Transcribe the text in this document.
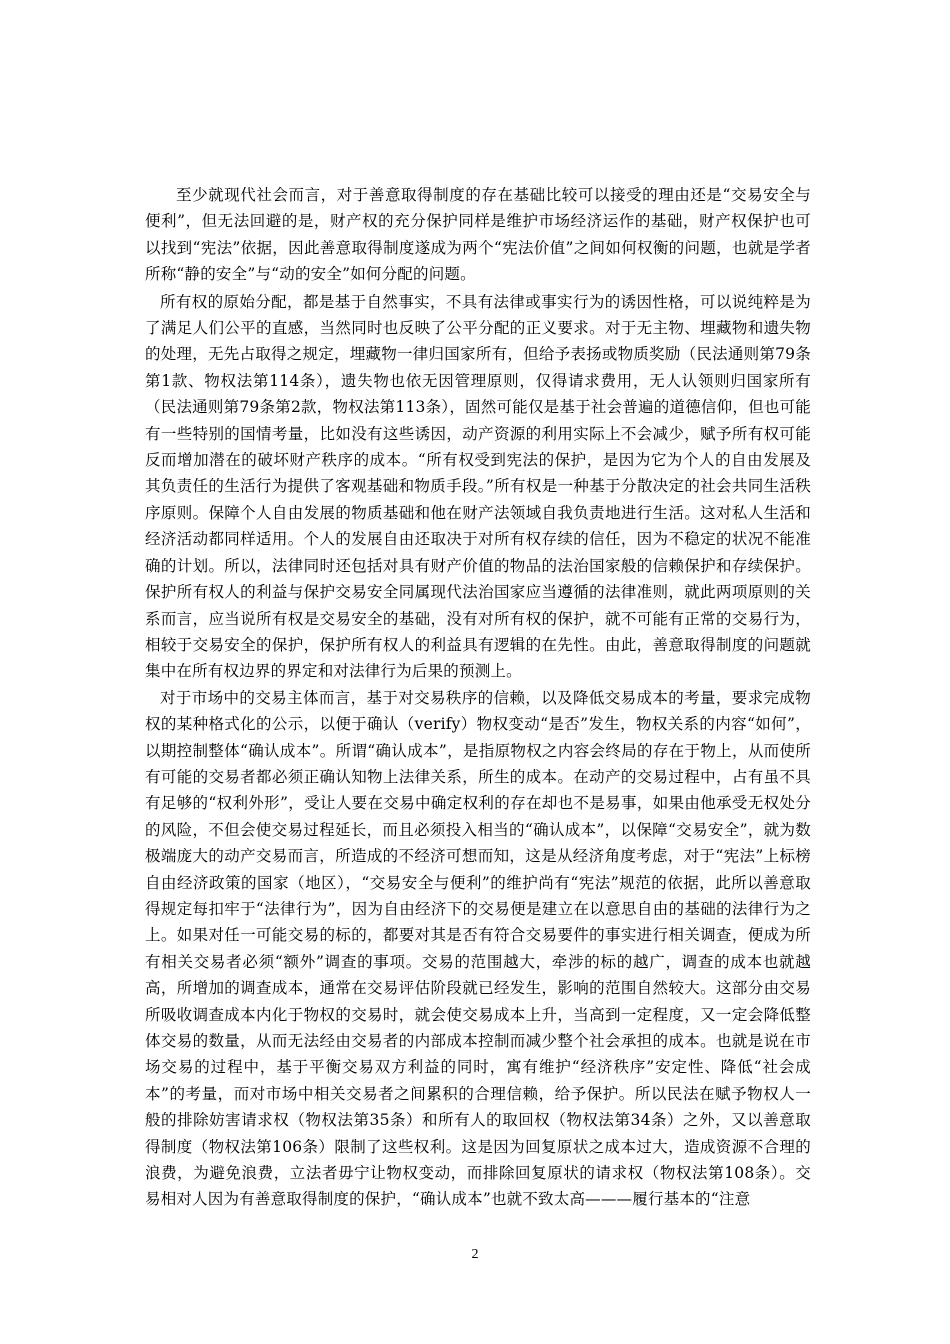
至少就现代社会而言，对于善意取得制度的存在基础比较可以接受的理由还是“交易安全与便利”，但无法回避的是，财产权的充分保护同样是维护市场经济运作的基础，财产权保护也可以找到“宪法”依据，因此善意取得制度遂成为两个“宪法价值”之间如何权衡的问题，也就是学者所称“静的安全”与“动的安全”如何分配的问题。

所有权的原始分配，都是基于自然事实，不具有法律或事实行为的诱因性格，可以说纯粹是为了满足人们公平的直感，当然同时也反映了公平分配的正义要求。对于无主物、埋藏物和遗失物的处理，无先占取得之规定，埋藏物一律归国家所有，但给予表扬或物质奖励（民法通则第79条第1款、物权法第114条），遗失物也依无因管理原则，仅得请求费用，无人认领则归国家所有（民法通则第79条第2款，物权法第113条），固然可能仅是基于社会普遍的道德信仰，但也可能有一些特别的国情考量，比如没有这些诱因，动产资源的利用实际上不会减少，赋予所有权可能反而增加潜在的破坏财产秩序的成本。“所有权受到宪法的保护，是因为它为个人的自由发展及其负责任的生活行为提供了客观基础和物质手段。”所有权是一种基于分散决定的社会共同生活秩序原则。保障个人自由发展的物质基础和他在财产法领域自我负责地进行生活。这对私人生活和经济活动都同样适用。个人的发展自由还取决于对所有权存续的信任，因为不稳定的状况不能准确的计划。所以，法律同时还包括对具有财产价值的物品的法治国家般的信赖保护和存续保护。保护所有权人的利益与保护交易安全同属现代法治国家应当遵循的法律准则，就此两项原则的关系而言，应当说所有权是交易安全的基础，没有对所有权的保护，就不可能有正常的交易行为，相较于交易安全的保护，保护所有权人的利益具有逻辑的在先性。由此，善意取得制度的问题就集中在所有权边界的界定和对法律行为后果的预测上。

对于市场中的交易主体而言，基于对交易秩序的信赖，以及降低交易成本的考量，要求完成物权的某种格式化的公示，以便于确认（verify）物权变动“是否”发生，物权关系的内容“如何”，以期控制整体“确认成本”。所谓“确认成本”，是指原物权之内容会终局的存在于物上，从而使所有可能的交易者都必须正确认知物上法律关系，所生的成本。在动产的交易过程中，占有虽不具有足够的“权利外形”，受让人要在交易中确定权利的存在却也不是易事，如果由他承受无权处分的风险，不但会使交易过程延长，而且必须投入相当的“确认成本”，以保障“交易安全”，就为数极端庞大的动产交易而言，所造成的不经济可想而知，这是从经济角度考虑，对于“宪法”上标榜自由经济政策的国家（地区），“交易安全与便利”的维护尚有“宪法”规范的依据，此所以善意取得规定每扣牢于“法律行为”，因为自由经济下的交易便是建立在以意思自由的基础的法律行为之上。如果对任一可能交易的标的，都要对其是否有符合交易要件的事实进行相关调查，便成为所有相关交易者必须“额外”调查的事项。交易的范围越大，牵涉的标的越广，调查的成本也就越高，所增加的调查成本，通常在交易评估阶段就已经发生，影响的范围自然较大。这部分由交易所吸收调查成本内化于物权的交易时，就会使交易成本上升，当高到一定程度，又一定会降低整体交易的数量，从而无法经由交易者的内部成本控制而减少整个社会承担的成本。也就是说在市场交易的过程中，基于平衡交易双方利益的同时，寓有维护“经济秩序”安定性、降低“社会成本”的考量，而对市场中相关交易者之间累积的合理信赖，给予保护。所以民法在赋予物权人一般的排除妨害请求权（物权法第35条）和所有人的取回权（物权法第34条）之外，又以善意取得制度（物权法第106条）限制了这些权利。这是因为回复原状之成本过大，造成资源不合理的浪费，为避免浪费，立法者毋宁让物权变动，而排除回复原状的请求权（物权法第108条）。交易相对人因为有善意取得制度的保护，“确认成本”也就不致太高———履行基本的“注意

2
